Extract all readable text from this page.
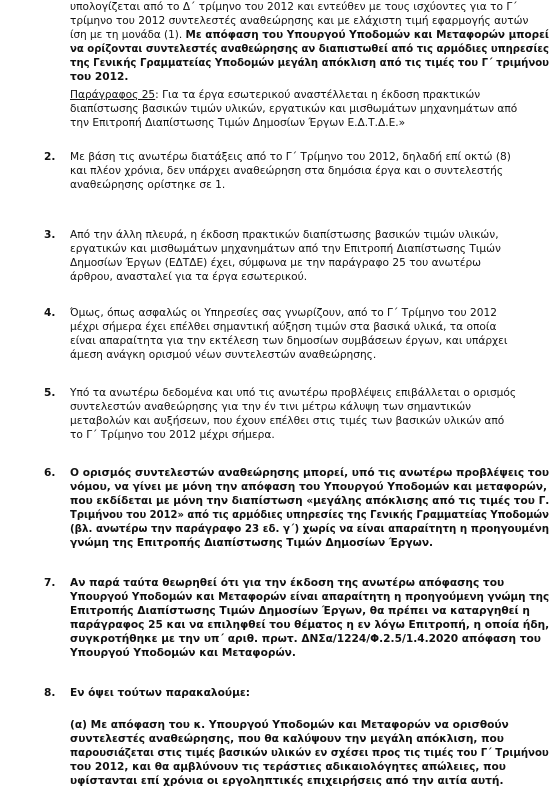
υπολογίζεται από το Δ΄ τρίμηνο του 2012 και εντεύθεν με τους ισχύοντες για το Γ΄
τρίμηνο του 2012 συντελεστές αναθεώρησης και με ελάχιστη τιμή εφαρμογής αυτών
ίση με τη μονάδα (1). Με απόφαση του Υπουργού Υποδομών και Μεταφορών μπορεί
να ορίζονται συντελεστές αναθεώρησης αν διαπιστωθεί από τις αρμόδιες υπηρεσίες
της Γενικής Γραμματείας Υποδομών μεγάλη απόκλιση από τις τιμές του Γ΄ τριμήνου
του 2012.
Παράγραφος 25: Για τα έργα εσωτερικού αναστέλλεται η έκδοση πρακτικών
διαπίστωσης βασικών τιμών υλικών, εργατικών και μισθωμάτων μηχανημάτων από
την Επιτροπή Διαπίστωσης Τιμών Δημοσίων Έργων Ε.Δ.Τ.Δ.Ε.»
2. Με βάση τις ανωτέρω διατάξεις από το Γ΄ Τρίμηνο του 2012, δηλαδή επί οκτώ (8)
και πλέον χρόνια, δεν υπάρχει αναθεώρηση στα δημόσια έργα και ο συντελεστής
αναθεώρησης ορίστηκε σε 1.
3. Από την άλλη πλευρά, η έκδοση πρακτικών διαπίστωσης βασικών τιμών υλικών,
εργατικών και μισθωμάτων μηχανημάτων από την Επιτροπή Διαπίστωσης Τιμών
Δημοσίων Έργων (ΕΔΤΔΕ) έχει, σύμφωνα με την παράγραφο 25 του ανωτέρω
άρθρου, ανασταλεί για τα έργα εσωτερικού.
4. Όμως, όπως ασφαλώς οι Υπηρεσίες σας γνωρίζουν, από το Γ΄ Τρίμηνο του 2012
μέχρι σήμερα έχει επέλθει σημαντική αύξηση τιμών στα βασικά υλικά, τα οποία
είναι απαραίτητα για την εκτέλεση των δημοσίων συμβάσεων έργων, και υπάρχει
άμεση ανάγκη ορισμού νέων συντελεστών αναθεώρησης.
5. Υπό τα ανωτέρω δεδομένα και υπό τις ανωτέρω προβλέψεις επιβάλλεται ο ορισμός
συντελεστών αναθεώρησης για την έν τινι μέτρω κάλυψη των σημαντικών
μεταβολών και αυξήσεων, που έχουν επέλθει στις τιμές των βασικών υλικών από
το Γ΄ Τρίμηνο του 2012 μέχρι σήμερα.
6. Ο ορισμός συντελεστών αναθεώρησης μπορεί, υπό τις ανωτέρω προβλέψεις του
νόμου, να γίνει με μόνη την απόφαση του Υπουργού Υποδομών και μεταφορών,
που εκδίδεται με μόνη την διαπίστωση «μεγάλης απόκλισης από τις τιμές του Γ.
Τριμήνου του 2012» από τις αρμόδιες υπηρεσίες της Γενικής Γραμματείας Υποδομών
(βλ. ανωτέρω την παράγραφο 23 εδ. γ΄) χωρίς να είναι απαραίτητη η προηγουμένη
γνώμη της Επιτροπής Διαπίστωσης Τιμών Δημοσίων Έργων.
7. Αν παρά ταύτα θεωρηθεί ότι για την έκδοση της ανωτέρω απόφασης του
Υπουργού Υποδομών και Μεταφορών είναι απαραίτητη η προηγούμενη γνώμη της
Επιτροπής Διαπίστωσης Τιμών Δημοσίων Έργων, θα πρέπει να καταργηθεί η
παράγραφος 25 και να επιληφθεί του θέματος η εν λόγω Επιτροπή, η οποία ήδη,
συγκροτήθηκε με την υπ΄ αριθ. πρωτ. ΔΝΣα/1224/Φ.2.5/1.4.2020 απόφαση του
Υπουργού Υποδομών και Μεταφορών.
8. Εν όψει τούτων παρακαλούμε:
(α) Με απόφαση του κ. Υπουργού Υποδομών και Μεταφορών να ορισθούν
συντελεστές αναθεώρησης, που θα καλύψουν την μεγάλη απόκλιση, που
παρουσιάζεται στις τιμές βασικών υλικών εν σχέσει προς τις τιμές του Γ΄ Τριμήνου
του 2012, και θα αμβλύνουν τις τεράστιες αδικαιολόγητες απώλειες, που
υφίστανται επί χρόνια οι εργοληπτικές επιχειρήσεις από την αιτία αυτή.
